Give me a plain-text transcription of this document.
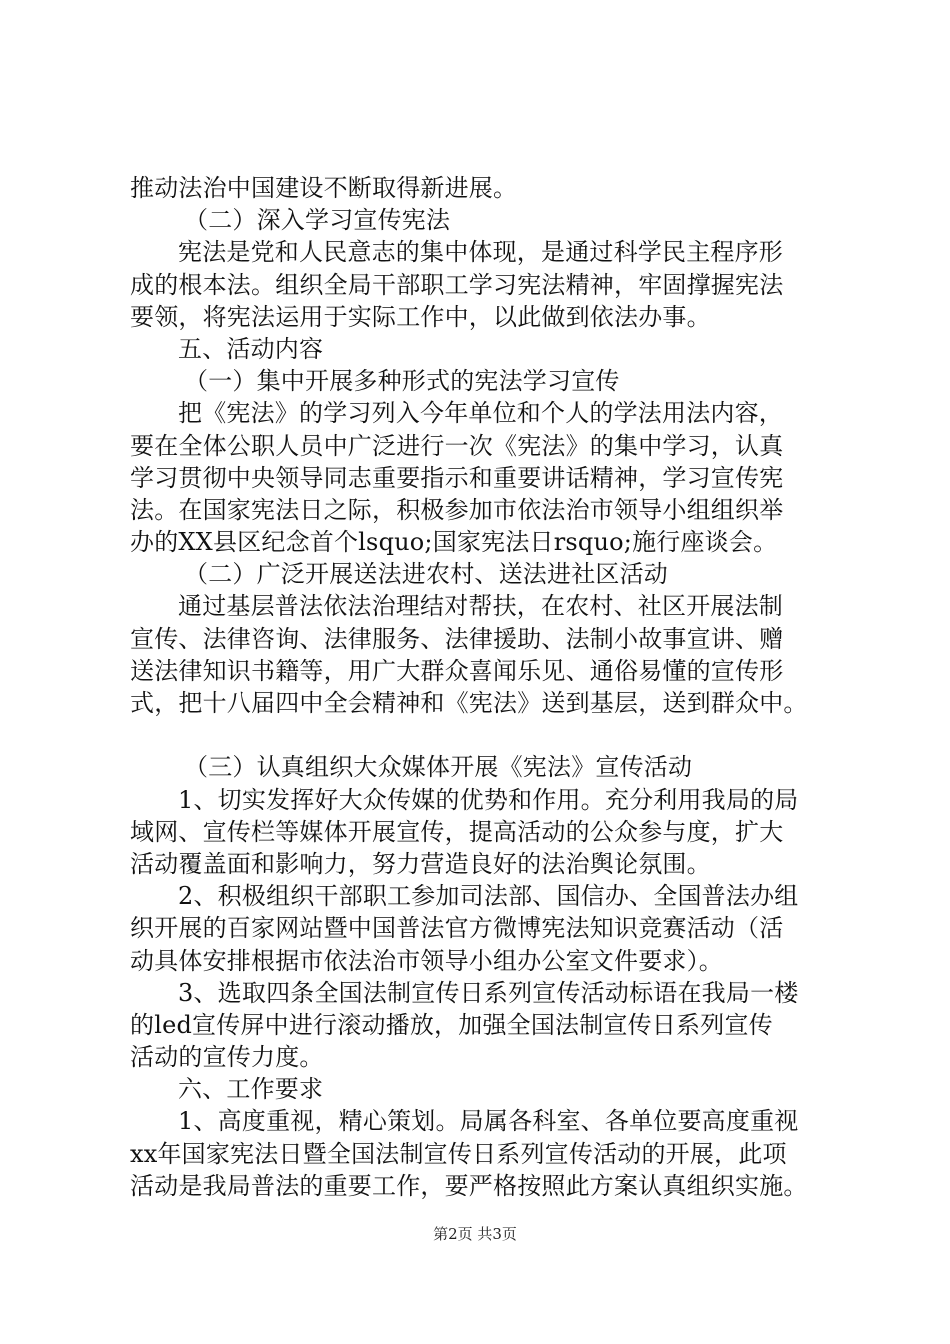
推动法治中国建设不断取得新进展。
（二）深入学习宣传宪法
宪法是党和人民意志的集中体现，是通过科学民主程序形
成的根本法。组织全局干部职工学习宪法精神，牢固撑握宪法
要领，将宪法运用于实际工作中，以此做到依法办事。
五、活动内容
（一）集中开展多种形式的宪法学习宣传
把《宪法》的学习列入今年单位和个人的学法用法内容，
要在全体公职人员中广泛进行一次《宪法》的集中学习，认真
学习贯彻中央领导同志重要指示和重要讲话精神，学习宣传宪
法。在国家宪法日之际，积极参加市依法治市领导小组组织举
办的XX县区纪念首个lsquo;国家宪法日rsquo;施行座谈会。
（二）广泛开展送法进农村、送法进社区活动
通过基层普法依法治理结对帮扶，在农村、社区开展法制
宣传、法律咨询、法律服务、法律援助、法制小故事宣讲、赠
送法律知识书籍等，用广大群众喜闻乐见、通俗易懂的宣传形
式，把十八届四中全会精神和《宪法》送到基层，送到群众中。
（三）认真组织大众媒体开展《宪法》宣传活动
1、切实发挥好大众传媒的优势和作用。充分利用我局的局
域网、宣传栏等媒体开展宣传，提高活动的公众参与度，扩大
活动覆盖面和影响力，努力营造良好的法治舆论氛围。
2、积极组织干部职工参加司法部、国信办、全国普法办组
织开展的百家网站暨中国普法官方微博宪法知识竞赛活动（活
动具体安排根据市依法治市领导小组办公室文件要求）。
3、选取四条全国法制宣传日系列宣传活动标语在我局一楼
的led宣传屏中进行滚动播放，加强全国法制宣传日系列宣传
活动的宣传力度。
六、工作要求
1、高度重视，精心策划。局属各科室、各单位要高度重视
xx年国家宪法日暨全国法制宣传日系列宣传活动的开展，此项
活动是我局普法的重要工作，要严格按照此方案认真组织实施。
第2页 共3页
